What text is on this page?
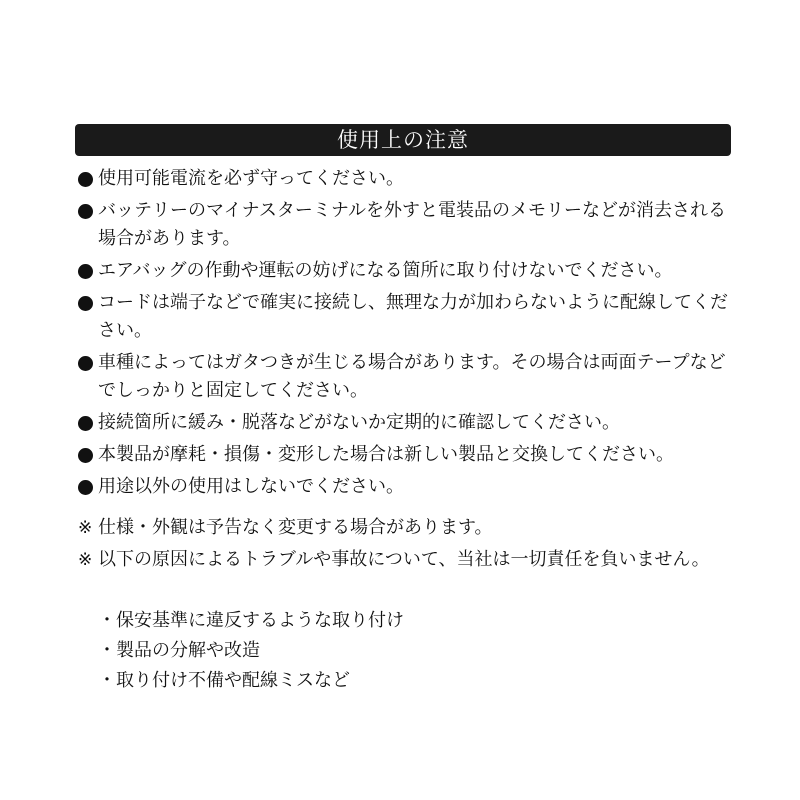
使用上の注意
使用可能電流を必ず守ってください。
バッテリーのマイナスターミナルを外すと電装品のメモリーなどが消去される場合があります。
エアバッグの作動や運転の妨げになる箇所に取り付けないでください。
コードは端子などで確実に接続し、無理な力が加わらないように配線してください。
車種によってはガタつきが生じる場合があります。その場合は両面テープなどでしっかりと固定してください。
接続箇所に緩み・脱落などがないか定期的に確認してください。
本製品が摩耗・損傷・変形した場合は新しい製品と交換してください。
用途以外の使用はしないでください。
※ 仕様・外観は予告なく変更する場合があります。
※ 以下の原因によるトラブルや事故について、当社は一切責任を負いません。
・保安基準に違反するような取り付け
・製品の分解や改造
・取り付け不備や配線ミスなど
